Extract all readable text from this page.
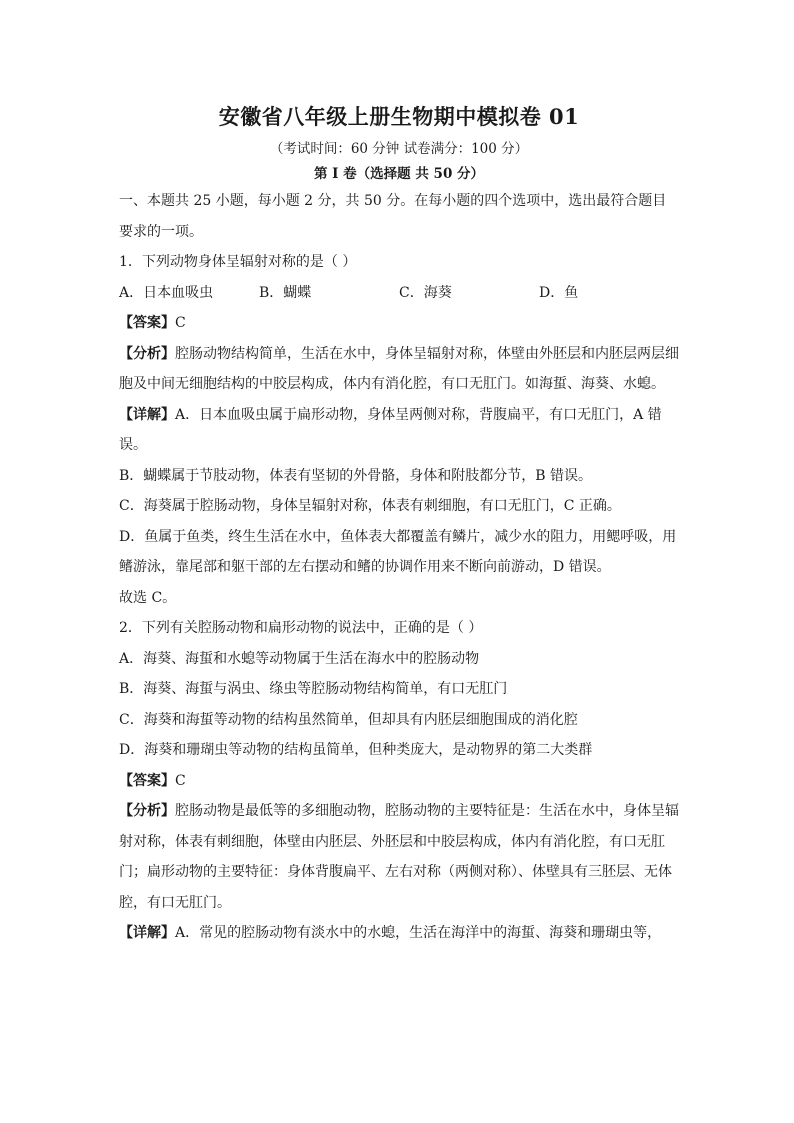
安徽省八年级上册生物期中模拟卷 01

（考试时间：60 分钟 试卷满分：100 分）

第 I 卷（选择题 共 50 分）

一、本题共 25 小题，每小题 2 分，共 50 分。在每小题的四个选项中，选出最符合题目要求的一项。

1．下列动物身体呈辐射对称的是（ ）

A．日本血吸虫	B．蝴蝶	C．海葵	D．鱼

【答案】C

【分析】腔肠动物结构简单，生活在水中，身体呈辐射对称，体壁由外胚层和内胚层两层细胞及中间无细胞结构的中胶层构成，体内有消化腔，有口无肛门。如海蜇、海葵、水螅。

【详解】A．日本血吸虫属于扁形动物，身体呈两侧对称，背腹扁平，有口无肛门，A 错误。

B．蝴蝶属于节肢动物，体表有坚韧的外骨骼，身体和附肢都分节，B 错误。

C．海葵属于腔肠动物，身体呈辐射对称，体表有刺细胞，有口无肛门，C 正确。

D．鱼属于鱼类，终生生活在水中，鱼体表大都覆盖有鳞片，减少水的阻力，用鳃呼吸，用鳍游泳，靠尾部和躯干部的左右摆动和鳍的协调作用来不断向前游动，D 错误。

故选 C。

2．下列有关腔肠动物和扁形动物的说法中，正确的是（ ）

A．海葵、海蜇和水螅等动物属于生活在海水中的腔肠动物

B．海葵、海蜇与涡虫、绦虫等腔肠动物结构简单，有口无肛门

C．海葵和海蜇等动物的结构虽然简单，但却具有内胚层细胞围成的消化腔

D．海葵和珊瑚虫等动物的结构虽简单，但种类庞大，是动物界的第二大类群

【答案】C

【分析】腔肠动物是最低等的多细胞动物，腔肠动物的主要特征是：生活在水中，身体呈辐射对称，体表有刺细胞，体壁由内胚层、外胚层和中胶层构成，体内有消化腔，有口无肛门；扁形动物的主要特征：身体背腹扁平、左右对称（两侧对称）、体壁具有三胚层、无体腔，有口无肛门。

【详解】A．常见的腔肠动物有淡水中的水螅，生活在海洋中的海蜇、海葵和珊瑚虫等，
